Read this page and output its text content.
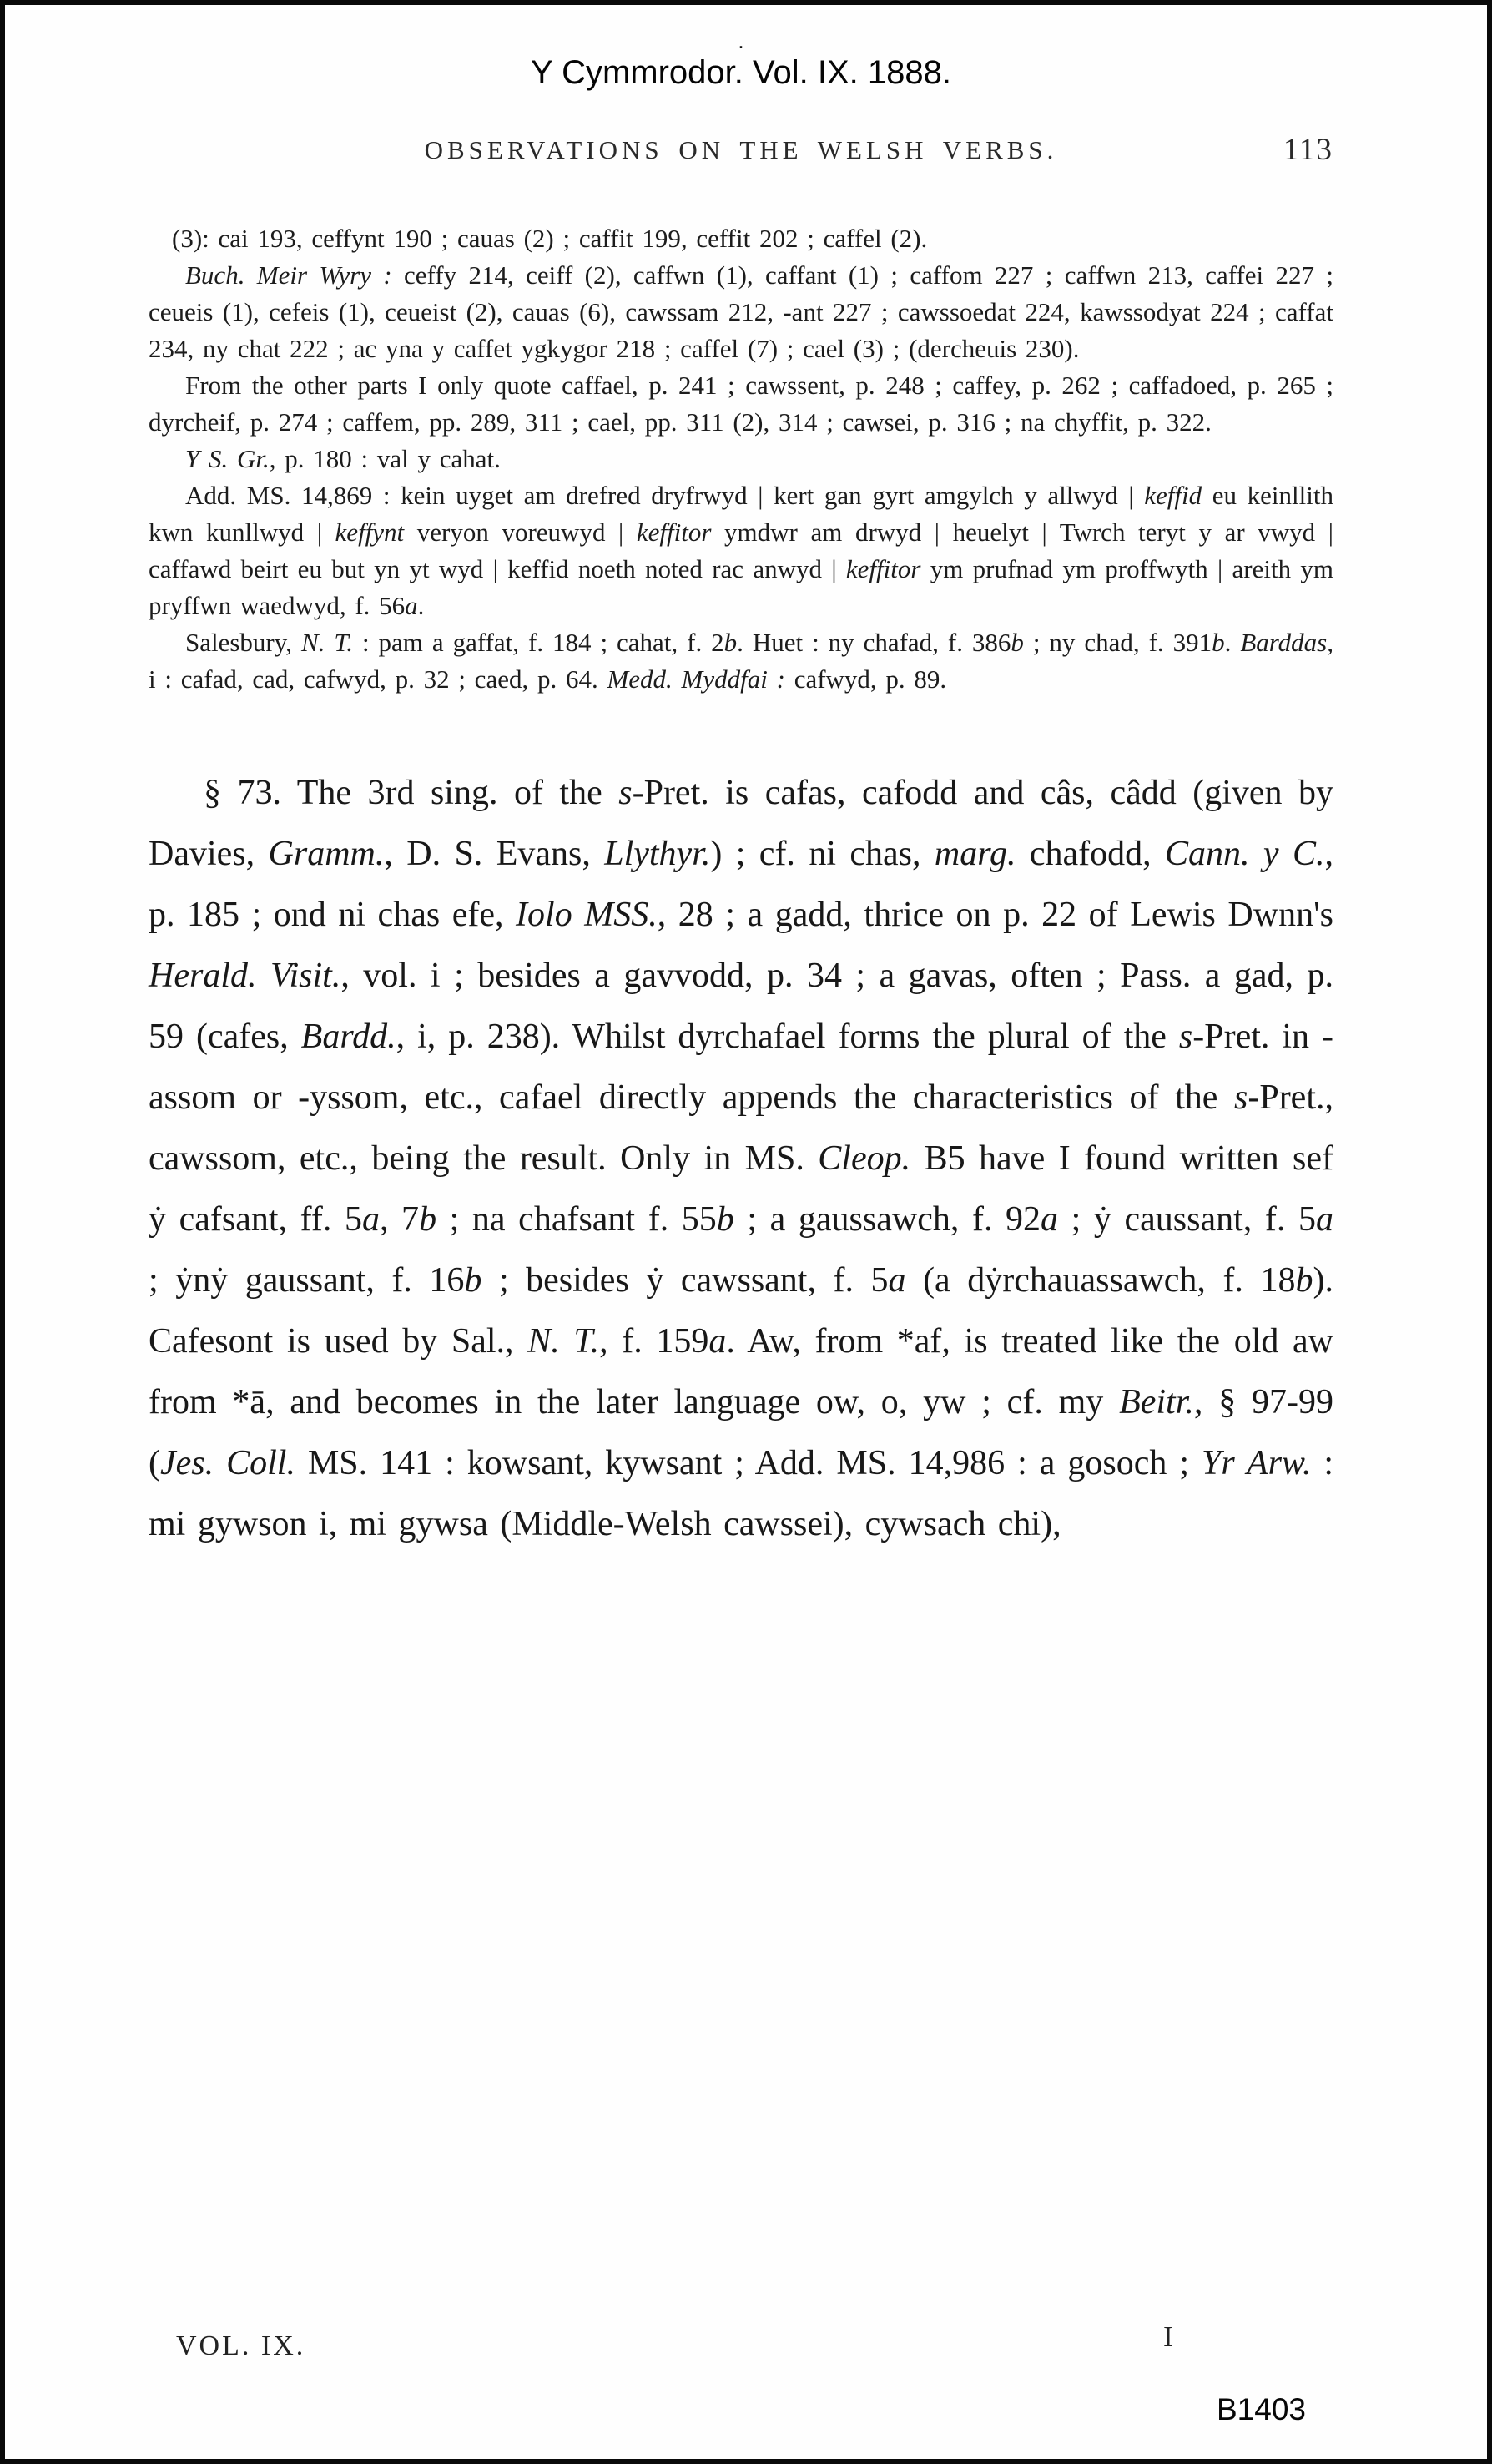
.
Y Cymmrodor. Vol. IX. 1888.
OBSERVATIONS ON THE WELSH VERBS.	113

(3): cai 193, ceffynt 190 ; cauas (2) ; caffit 199, ceffit 202 ; caffel (2).

Buch. Meir Wyry : ceffy 214, ceiff (2), caffwn (1), caffant (1) ; caffom 227 ; caffwn 213, caffei 227 ; ceueis (1), cefeis (1), ceueist (2), cauas (6), cawssam 212, -ant 227 ; cawssoedat 224, kawssodyat 224 ; caffat 234, ny chat 222 ; ac yna y caffet ygkygor 218 ; caffel (7) ; cael (3) ; (dercheuis 230).

From the other parts I only quote caffael, p. 241 ; cawssent, p. 248 ; caffey, p. 262 ; caffadoed, p. 265 ; dyrcheif, p. 274 ; caffem, pp. 289, 311 ; cael, pp. 311 (2), 314 ; cawsei, p. 316 ; na chyffit, p. 322.

Y S. Gr., p. 180 : val y cahat.

Add. MS. 14,869 : kein uyget am drefred dryfrwyd | kert gan gyrt amgylch y allwyd | keffid eu keinllith kwn kunllwyd | keffynt veryon voreuwyd | keffitor ymdwr am drwyd | heuelyt | Twrch teryt y ar vwyd | caffawd beirt eu but yn yt wyd | keffid noeth noted rac anwyd | keffitor ym prufnad ym proffwyth | areith ym pryffwn waedwyd, f. 56a.

Salesbury, N. T. : pam a gaffat, f. 184 ; cahat, f. 2b. Huet : ny chafad, f. 386b ; ny chad, f. 391b. Barddas, i : cafad, cad, cafwyd, p. 32 ; caed, p. 64. Medd. Myddfai : cafwyd, p. 89.

§ 73. The 3rd sing. of the s-Pret. is cafas, cafodd and câs, câdd (given by Davies, Gramm., D. S. Evans, Llythyr.) ; cf. ni chas, marg. chafodd, Cann. y C., p. 185 ; ond ni chas efe, Iolo MSS., 28 ; a gadd, thrice on p. 22 of Lewis Dwnn's Herald. Visit., vol. i ; besides a gavvodd, p. 34 ; a gavas, often ; Pass. a gad, p. 59 (cafes, Bardd., i, p. 238). Whilst dyrchafael forms the plural of the s-Pret. in -assom or -yssom, etc., cafael directly appends the characteristics of the s-Pret., cawssom, etc., being the result. Only in MS. Cleop. B5 have I found written sef ẏ cafsant, ff. 5a, 7b ; na chafsant f. 55b ; a gaussawch, f. 92a ; ẏ caussant, f. 5a ; ẏnẏ gaussant, f. 16b ; besides ẏ cawssant, f. 5a (a dẏrchauassawch, f. 18b). Cafesont is used by Sal., N. T., f. 159a. Aw, from *af, is treated like the old aw from *ā, and becomes in the later language ow, o, yw ; cf. my Beitr., § 97-99 (Jes. Coll. MS. 141 : kowsant, kywsant ; Add. MS. 14,986 : a gosoch ; Yr Arw. : mi gywson i, mi gywsa (Middle-Welsh cawssei), cywsach chi),

VOL. IX.	I
B1403
